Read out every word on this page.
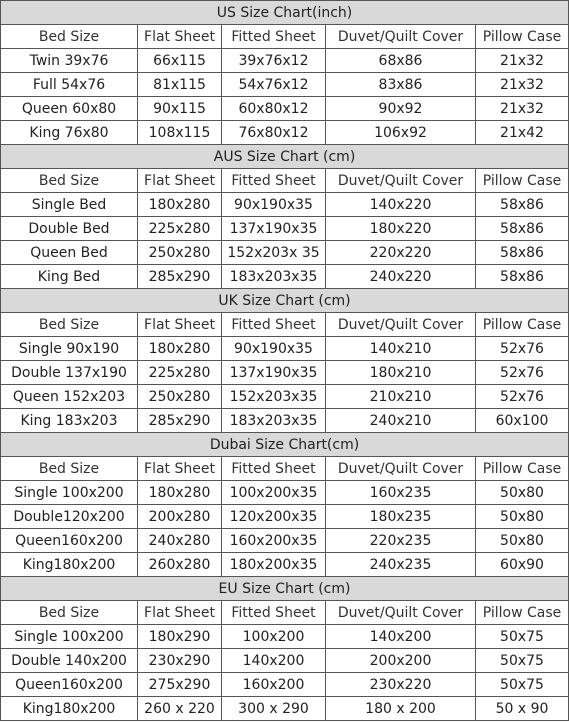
US Size Chart(inch)				
Bed Size	Flat Sheet	Fitted Sheet	Duvet/Quilt Cover	Pillow Case
Twin 39x76	66x115	39x76x12	68x86	21x32
Full 54x76	81x115	54x76x12	83x86	21x32
Queen 60x80	90x115	60x80x12	90x92	21x32
King 76x80	108x115	76x80x12	106x92	21x42
AUS Size Chart (cm)				
Bed Size	Flat Sheet	Fitted Sheet	Duvet/Quilt Cover	Pillow Case
Single Bed	180x280	90x190x35	140x220	58x86
Double Bed	225x280	137x190x35	180x220	58x86
Queen Bed	250x280	152x203x 35	220x220	58x86
King Bed	285x290	183x203x35	240x220	58x86
UK Size Chart (cm)				
Bed Size	Flat Sheet	Fitted Sheet	Duvet/Quilt Cover	Pillow Case
Single 90x190	180x280	90x190x35	140x210	52x76
Double 137x190	225x280	137x190x35	180x210	52x76
Queen 152x203	250x280	152x203x35	210x210	52x76
King 183x203	285x290	183x203x35	240x210	60x100
Dubai Size Chart(cm)				
Bed Size	Flat Sheet	Fitted Sheet	Duvet/Quilt Cover	Pillow Case
Single 100x200	180x280	100x200x35	160x235	50x80
Double120x200	200x280	120x200x35	180x235	50x80
Queen160x200	240x280	160x200x35	220x235	50x80
King180x200	260x280	180x200x35	240x235	60x90
EU Size Chart (cm)				
Bed Size	Flat Sheet	Fitted Sheet	Duvet/Quilt Cover	Pillow Case
Single 100x200	180x290	100x200	140x200	50x75
Double 140x200	230x290	140x200	200x200	50x75
Queen160x200	275x290	160x200	230x220	50x75
King180x200	260 x 220	300 x 290	180 x 200	50 x 90
